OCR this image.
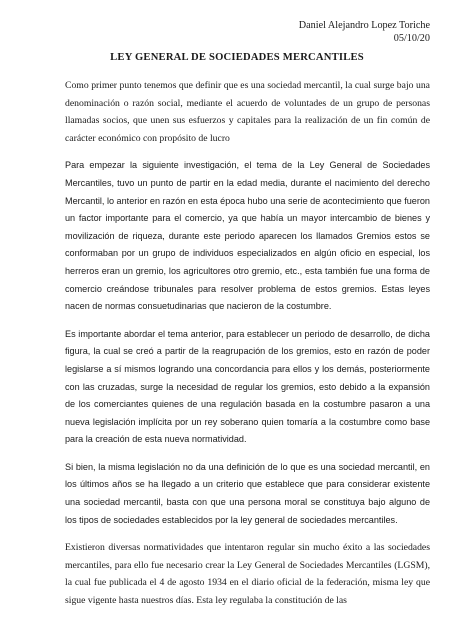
Daniel Alejandro Lopez Toriche
05/10/20
LEY GENERAL DE SOCIEDADES MERCANTILES

Como primer punto tenemos que definir que es una sociedad mercantil, la cual surge bajo una denominación o razón social, mediante el acuerdo de voluntades de un grupo de personas llamadas socios, que unen sus esfuerzos y capitales para la realización de un fin común de carácter económico con propósito de lucro

Para empezar la siguiente investigación, el tema de la Ley General de Sociedades Mercantiles, tuvo un punto de partir en la edad media, durante el nacimiento del derecho Mercantil, lo anterior en razón en esta época hubo una serie de acontecimiento que fueron un factor importante para el comercio, ya que había un mayor intercambio de bienes y movilización de riqueza, durante este periodo aparecen los llamados Gremios estos se conformaban por un grupo de individuos especializados en algún oficio en especial, los herreros eran un gremio, los agricultores otro gremio, etc., esta también fue una forma de comercio creándose tribunales para resolver problema de estos gremios. Estas leyes nacen de normas consuetudinarias que nacieron de la costumbre.

Es importante abordar el tema anterior, para establecer un periodo de desarrollo, de dicha figura, la cual se creó a partir de la reagrupación de los gremios, esto en razón de poder legislarse a sí mismos logrando una concordancia para ellos y los demás, posteriormente con las cruzadas, surge la necesidad de regular los gremios, esto debido a la expansión de los comerciantes quienes de una regulación basada en la costumbre pasaron a una nueva legislación implícita por un rey soberano quien tomaría a la costumbre como base para la creación de esta nueva normatividad.

Si bien, la misma legislación no da una definición de lo que es una sociedad mercantil, en los últimos años se ha llegado a un criterio que establece que para considerar existente una sociedad mercantil, basta con que una persona moral se constituya bajo alguno de los tipos de sociedades establecidos por la ley general de sociedades mercantiles.

Existieron diversas normatividades que intentaron regular sin mucho éxito a las sociedades mercantiles, para ello fue necesario crear la Ley General de Sociedades Mercantiles (LGSM), la cual fue publicada el 4 de agosto 1934 en el diario oficial de la federación, misma ley que sigue vigente hasta nuestros días. Esta ley regulaba la constitución de las
